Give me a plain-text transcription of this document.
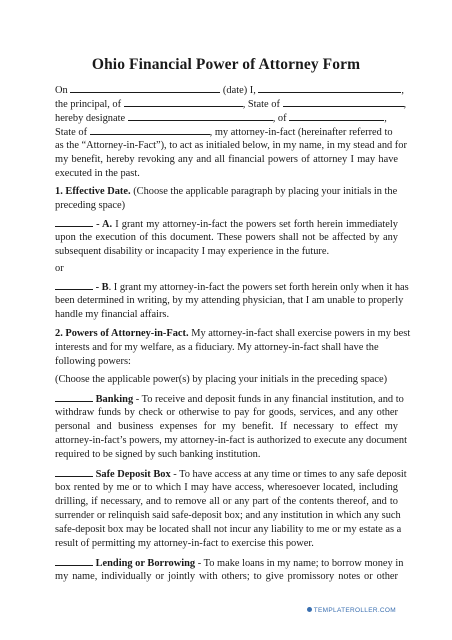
Ohio Financial Power of Attorney Form
On	(date) I,	,
the principal, of	, State of	,
hereby designate	, of	,
State of	, my attorney-in-fact (hereinafter referred to
as the “Attorney-in-Fact”), to act as initialed below, in my name, in my stead and for
my benefit, hereby revoking any and all financial powers of attorney I may have
executed in the past.
1. Effective Date. (Choose the applicable paragraph by placing your initials in the
preceding space)
- A. I grant my attorney-in-fact the powers set forth herein immediately
upon the execution of this document. These powers shall not be affected by any
subsequent disability or incapacity I may experience in the future.
or
- B. I grant my attorney-in-fact the powers set forth herein only when it has
been determined in writing, by my attending physician, that I am unable to properly
handle my financial affairs.
2. Powers of Attorney-in-Fact. My attorney-in-fact shall exercise powers in my best
interests and for my welfare, as a fiduciary. My attorney-in-fact shall have the
following powers:
(Choose the applicable power(s) by placing your initials in the preceding space)
Banking - To receive and deposit funds in any financial institution, and to
withdraw funds by check or otherwise to pay for goods, services, and any other
personal and business expenses for my benefit. If necessary to effect my
attorney-in-fact’s powers, my attorney-in-fact is authorized to execute any document
required to be signed by such banking institution.
Safe Deposit Box - To have access at any time or times to any safe deposit
box rented by me or to which I may have access, wheresoever located, including
drilling, if necessary, and to remove all or any part of the contents thereof, and to
surrender or relinquish said safe-deposit box; and any institution in which any such
safe-deposit box may be located shall not incur any liability to me or my estate as a
result of permitting my attorney-in-fact to exercise this power.
Lending or Borrowing - To make loans in my name; to borrow money in
my name, individually or jointly with others; to give promissory notes or other
TEMPLATEROLLER.COM
